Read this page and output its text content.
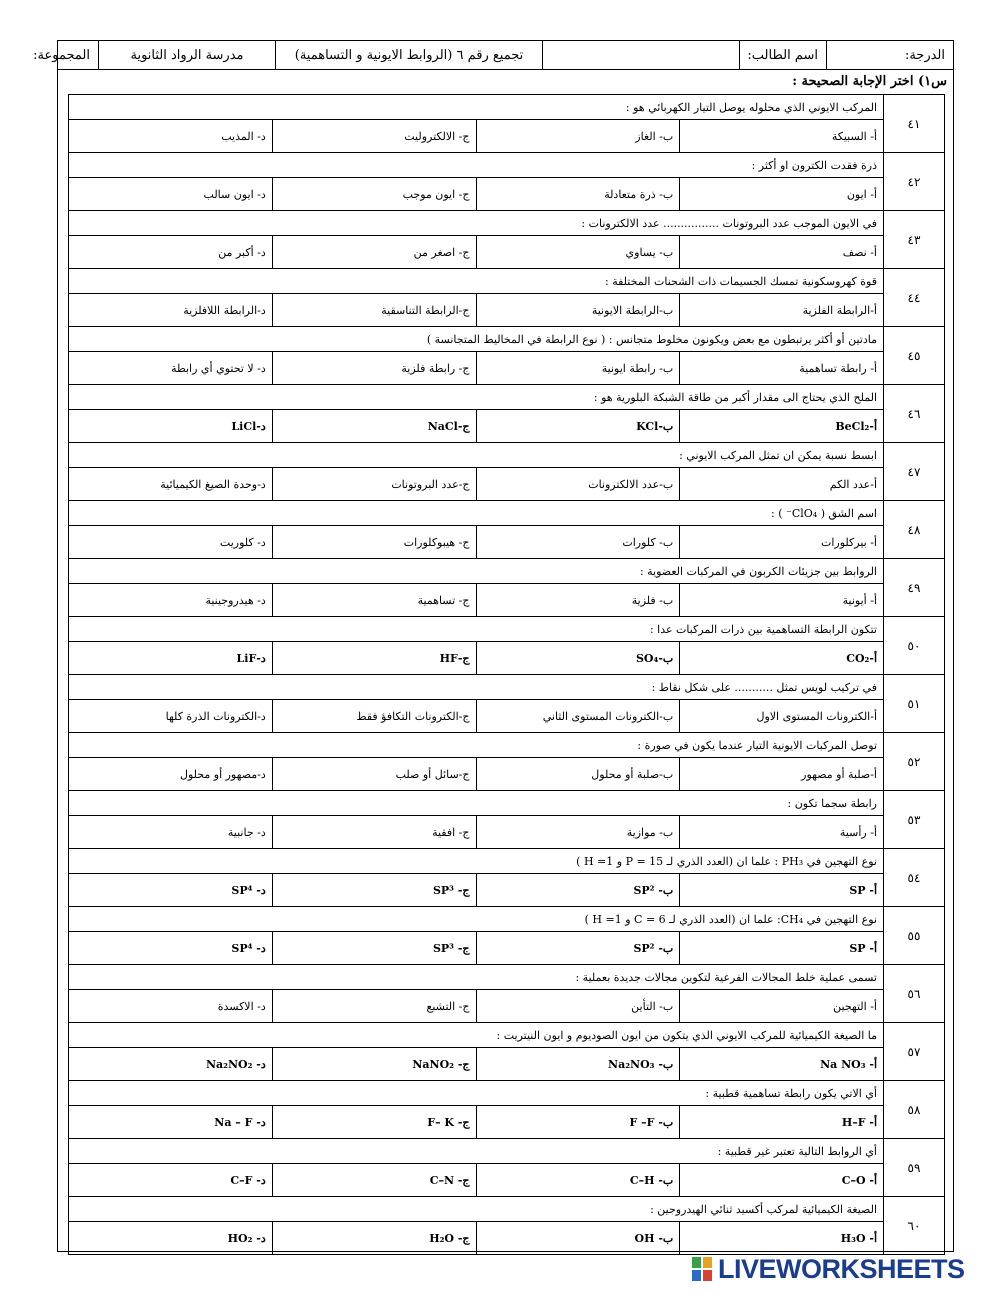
الدرجة:	اسم الطالب:		تجميع رقم ٦ (الروابط الايونية و التساهمية)	مدرسة الرواد الثانوية	المجموعة:
س١) اختر الإجابة الصحيحة :
٤١	المركب الايوني الذي محلوله يوصل التيار الكهربائي هو :			
	أ- السبيكة	ب- الغاز	ج- الالكتروليت	د- المذيب
٤٢	ذرة فقدت الكترون او أكثر :			
	أ- ايون	ب- ذرة متعادلة	ج- ايون موجب	د- ايون سالب
٤٣	في الايون الموجب عدد البروتونات ................ عدد الالكترونات :			
	أ- نصف	ب- يساوي	ج- اصغر من	د- أكبر من
٤٤	قوة كهروسكونية تمسك الجسيمات ذات الشحنات المختلفة :			
	أ-الرابطة الفلزية	ب-الرابطة الايونية	ج-الرابطة التناسقية	د-الرابطة اللافلزية
٤٥	مادتين أو أكثر يرتبطون مع بعض ويكونون مخلوط متجانس : ( نوع الرابطة في المخاليط المتجانسة )			
	أ- رابطة تساهمية	ب- رابطة ايونية	ج- رابطة فلزية	د- لا تحتوي أي رابطة
٤٦	الملح الذي يحتاج الى مقدار أكبر من طاقة الشبكة البلورية هو :			
	أ-BeCl₂	ب-KCl	ج-NaCl	د-LiCl
٤٧	ابسط نسبة يمكن ان تمثل المركب الايوني :			
	أ-عدد الكم	ب-عدد الالكترونات	ج-عدد البروتونات	د-وحدة الصيغ الكيميائية
٤٨	اسم الشق ( ClO₄⁻ ) :			
	أ- بيركلورات	ب- كلورات	ج- هيبوكلورات	د- كلوريت
٤٩	الروابط بين جزيئات الكربون في المركبات العضوية :			
	أ- أيونية	ب- فلزية	ج- تساهمية	د- هيدروجينية
٥٠	تتكون الرابطة التساهمية بين ذرات المركبات عدا :			
	أ-CO₂	ب-SO₄	ج-HF	د-LiF
٥١	في تركيب لويس تمثل ........... على شكل نقاط :			
	أ-الكترونات المستوى الاول	ب-الكترونات المستوى الثاني	ج-الكترونات التكافؤ فقط	د-الكترونات الذرة كلها
٥٢	توصل المركبات الايونية التيار عندما يكون في صورة :			
	أ-صلبة أو مصهور	ب-صلبة أو محلول	ج-سائل أو صلب	د-مصهور أو محلول
٥٣	رابطة سجما تكون :			
	أ- رأسية	ب- موازية	ج- افقية	د- جانبية
٥٤	نوع التهجين في PH₃ : علما ان (العدد الذري لـ P = 15 و H =1 )			
	أ- SP	ب- SP²	ج- SP³	د- SP⁴
٥٥	نوع التهجين في CH₄: علما ان (العدد الذري لـ C = 6 و H =1 )			
	أ- SP	ب- SP²	ج- SP³	د- SP⁴
٥٦	تسمى عملية خلط المجالات الفرعية لتكوين مجالات جديدة بعملية :			
	أ- التهجين	ب- التأين	ج- التشبع	د- الاكسدة
٥٧	ما الصيغة الكيميائية للمركب الايوني الذي يتكون من ايون الصوديوم و ايون النيتريت :			
	أ- Na NO₃	ب- Na₂NO₃	ج- NaNO₂	د- Na₂NO₂
٥٨	أي الاتي يكون رابطة تساهمية قطبية :			
	أ- H–F	ب- F –F	ج- F– K	د- Na – F
٥٩	أي الروابط التالية تعتبر غير قطبية :			
	أ- C–O	ب- C–H	ج- C–N	د- C–F
٦٠	الصيغة الكيميائية لمركب أكسيد ثنائي الهيدروجين :			
	أ- H₃O	ب- OH	ج- H₂O	د- HO₂
LIVEWORKSHEETS
